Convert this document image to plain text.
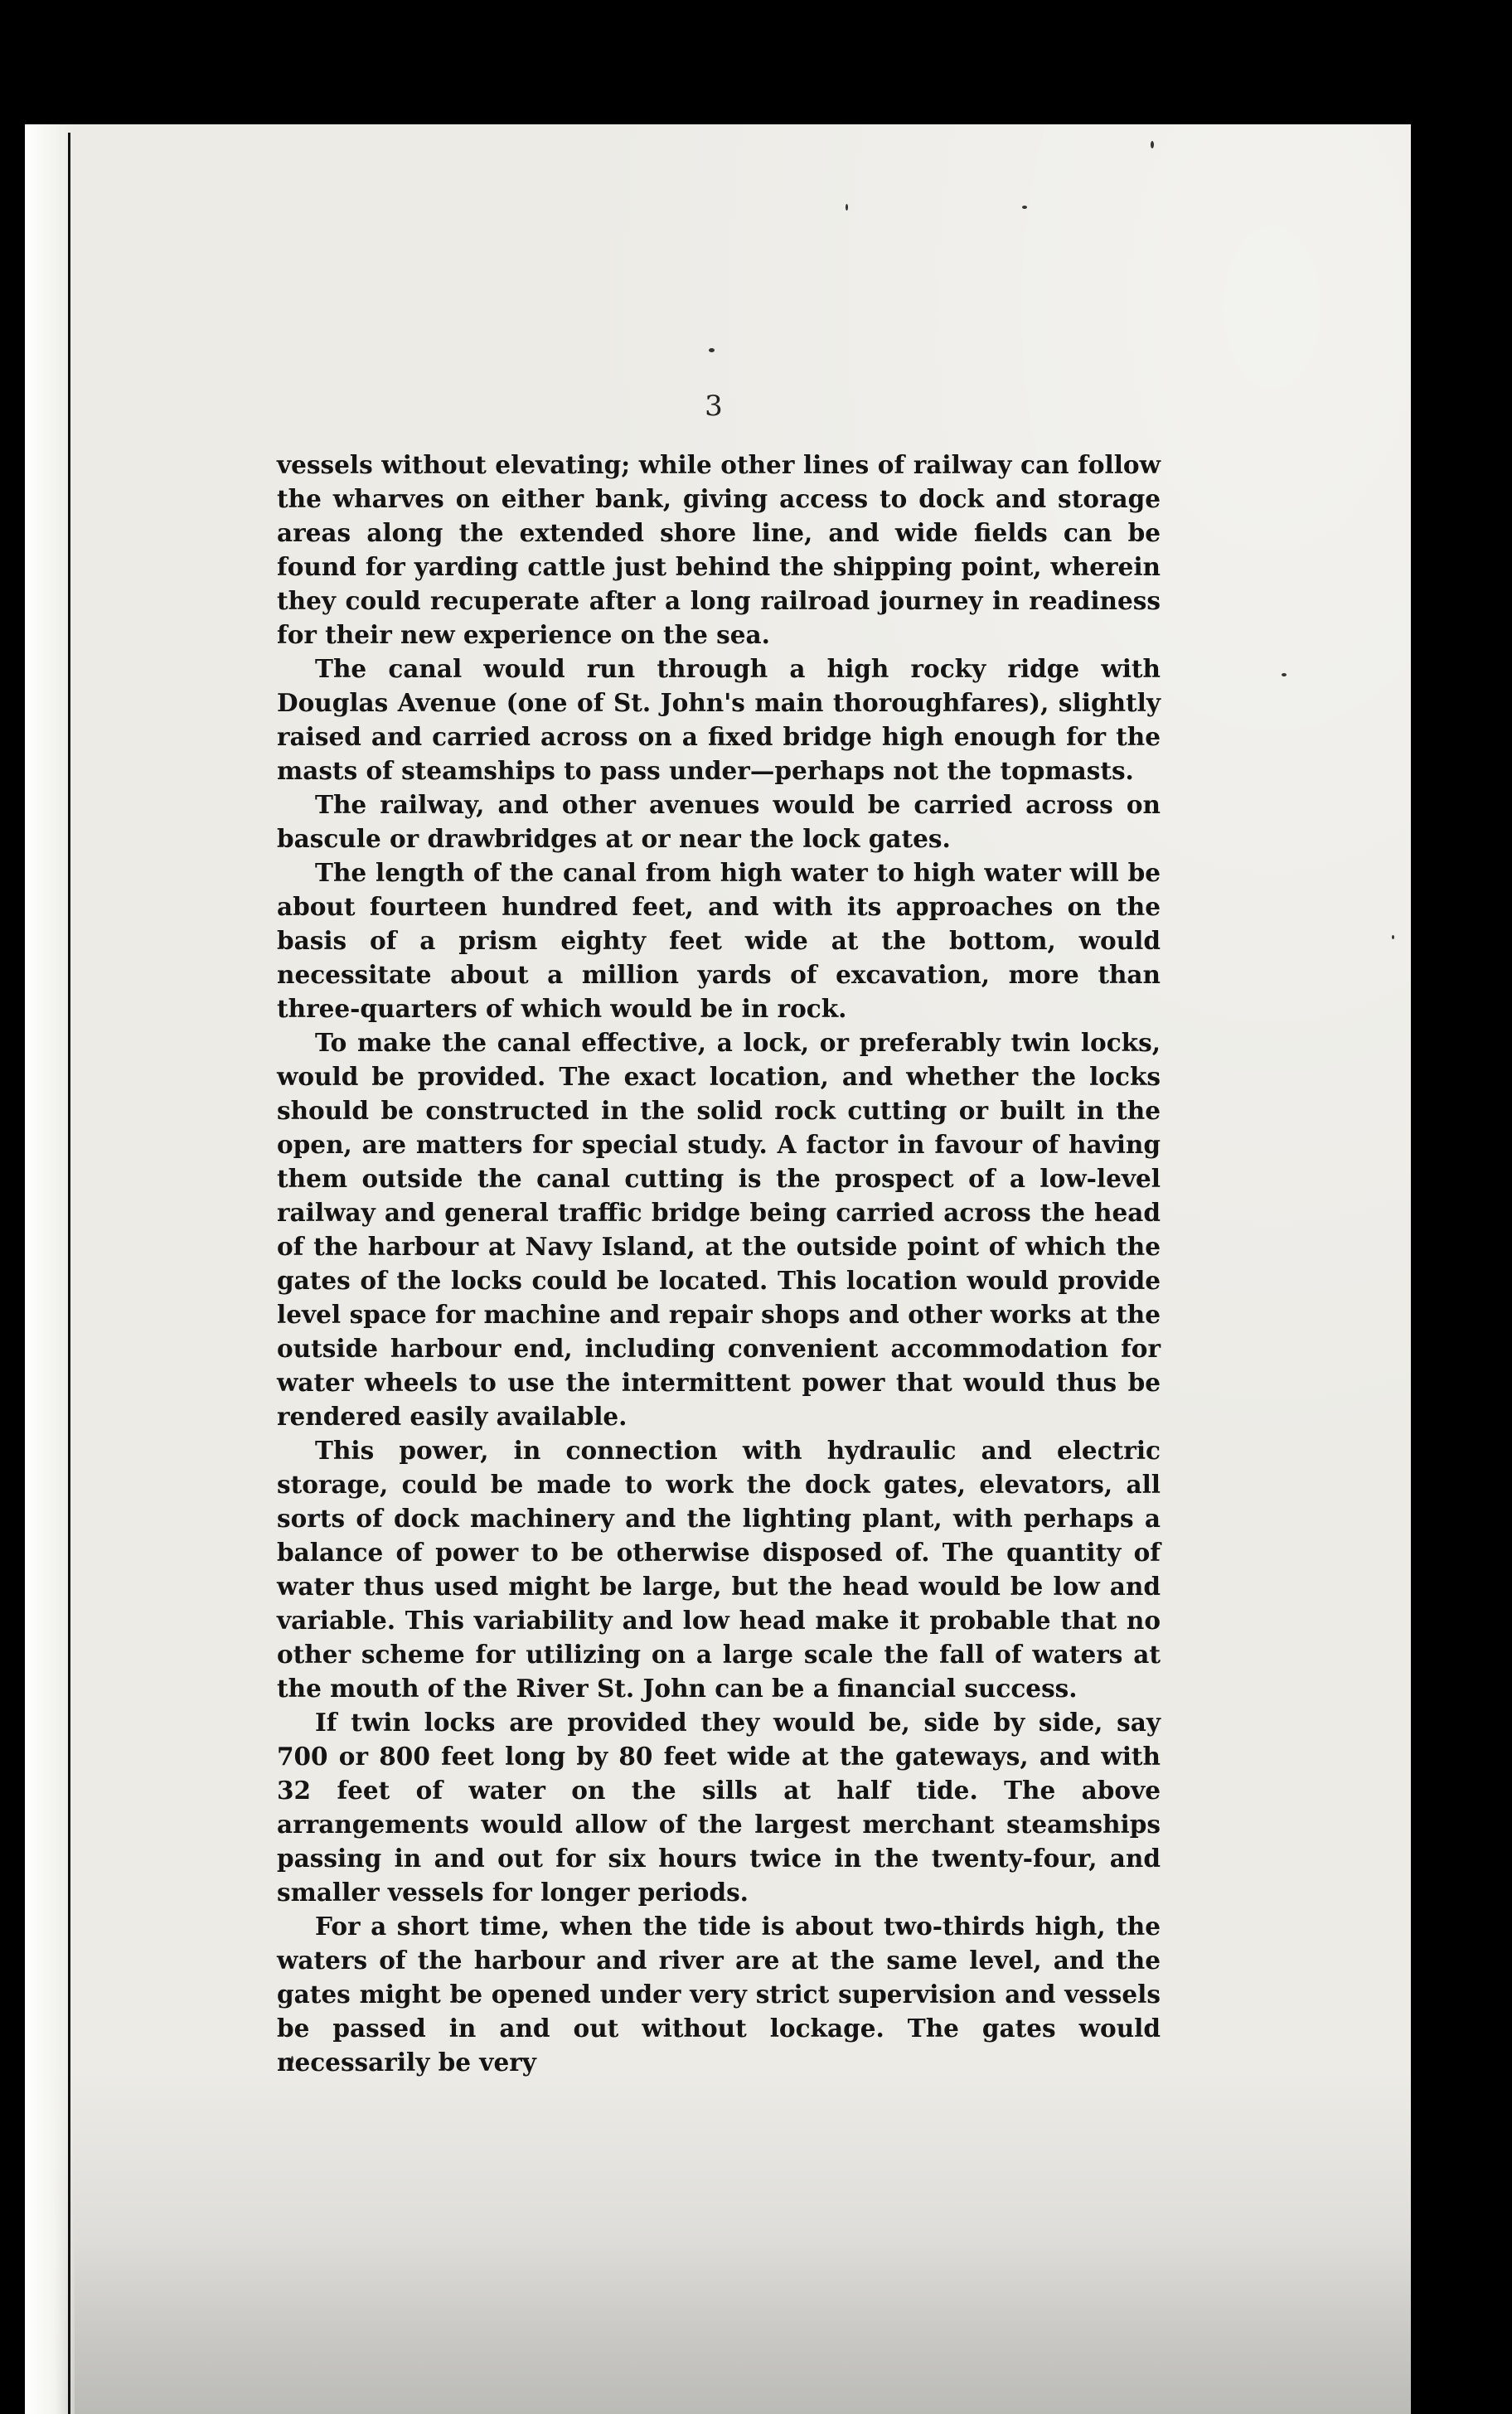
3

vessels without elevating; while other lines of railway can follow the wharves on either bank, giving access to dock and storage areas along the extended shore line, and wide fields can be found for yarding cattle just behind the shipping point, wherein they could recuperate after a long railroad journey in readiness for their new experience on the sea.

The canal would run through a high rocky ridge with Douglas Avenue (one of St. John's main thoroughfares), slightly raised and carried across on a fixed bridge high enough for the masts of steamships to pass under—perhaps not the topmasts.

The railway, and other avenues would be carried across on bascule or drawbridges at or near the lock gates.

The length of the canal from high water to high water will be about fourteen hundred feet, and with its approaches on the basis of a prism eighty feet wide at the bottom, would necessitate about a million yards of excavation, more than three-quarters of which would be in rock.

To make the canal effective, a lock, or preferably twin locks, would be provided. The exact location, and whether the locks should be constructed in the solid rock cutting or built in the open, are matters for special study. A factor in favour of having them outside the canal cutting is the prospect of a low-level railway and general traffic bridge being carried across the head of the harbour at Navy Island, at the outside point of which the gates of the locks could be located. This location would provide level space for machine and repair shops and other works at the outside harbour end, including convenient accommodation for water wheels to use the intermittent power that would thus be rendered easily available.

This power, in connection with hydraulic and electric storage, could be made to work the dock gates, elevators, all sorts of dock machinery and the lighting plant, with perhaps a balance of power to be otherwise disposed of. The quantity of water thus used might be large, but the head would be low and variable. This variability and low head make it probable that no other scheme for utilizing on a large scale the fall of waters at the mouth of the River St. John can be a financial success.

If twin locks are provided they would be, side by side, say 700 or 800 feet long by 80 feet wide at the gateways, and with 32 feet of water on the sills at half tide. The above arrangements would allow of the largest merchant steamships passing in and out for six hours twice in the twenty-four, and smaller vessels for longer periods.

For a short time, when the tide is about two-thirds high, the waters of the harbour and river are at the same level, and the gates might be opened under very strict supervision and vessels be passed in and out without lockage. The gates would necessarily be very
